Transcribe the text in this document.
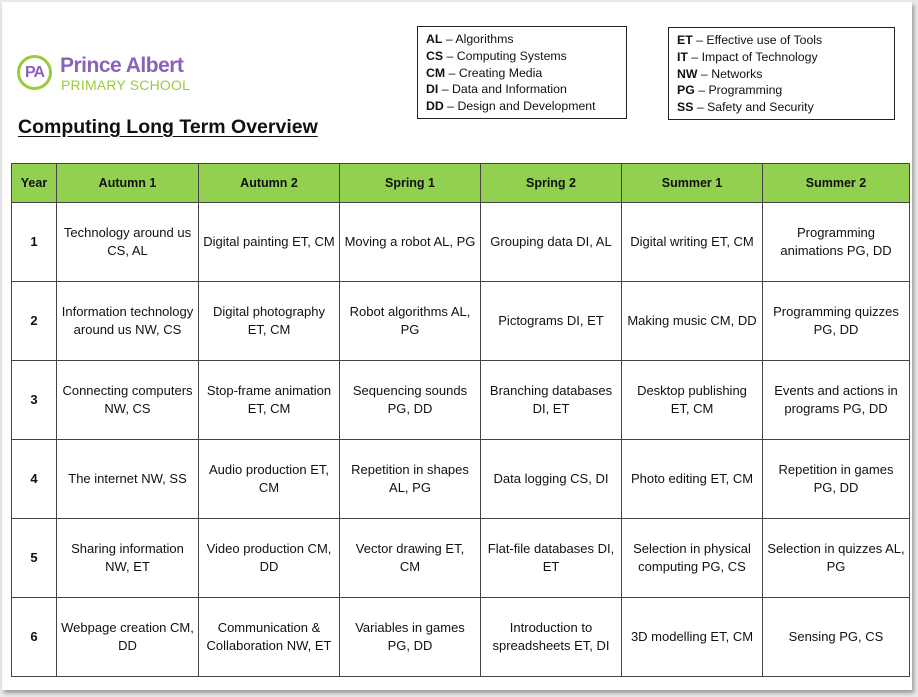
PA Prince Albert
PRIMARY SCHOOL
Computing Long Term Overview
AL – Algorithms
CS – Computing Systems
CM – Creating Media
DI – Data and Information
DD – Design and Development
ET – Effective use of Tools
IT – Impact of Technology
NW – Networks
PG – Programming
SS – Safety and Security
Year	Autumn 1	Autumn 2	Spring 1	Spring 2	Summer 1	Summer 2
1	Technology around us CS, AL	Digital painting ET, CM	Moving a robot AL, PG	Grouping data DI, AL	Digital writing ET, CM	Programming animations PG, DD
2	Information technology around us NW, CS	Digital photography ET, CM	Robot algorithms AL, PG	Pictograms DI, ET	Making music CM, DD	Programming quizzes PG, DD
3	Connecting computers NW, CS	Stop-frame animation ET, CM	Sequencing sounds PG, DD	Branching databases DI, ET	Desktop publishing ET, CM	Events and actions in programs PG, DD
4	The internet NW, SS	Audio production ET, CM	Repetition in shapes AL, PG	Data logging CS, DI	Photo editing ET, CM	Repetition in games PG, DD
5	Sharing information NW, ET	Video production CM, DD	Vector drawing ET, CM	Flat-file databases DI, ET	Selection in physical computing PG, CS	Selection in quizzes AL, PG
6	Webpage creation CM, DD	Communication & Collaboration NW, ET	Variables in games PG, DD	Introduction to spreadsheets ET, DI	3D modelling ET, CM	Sensing PG, CS
